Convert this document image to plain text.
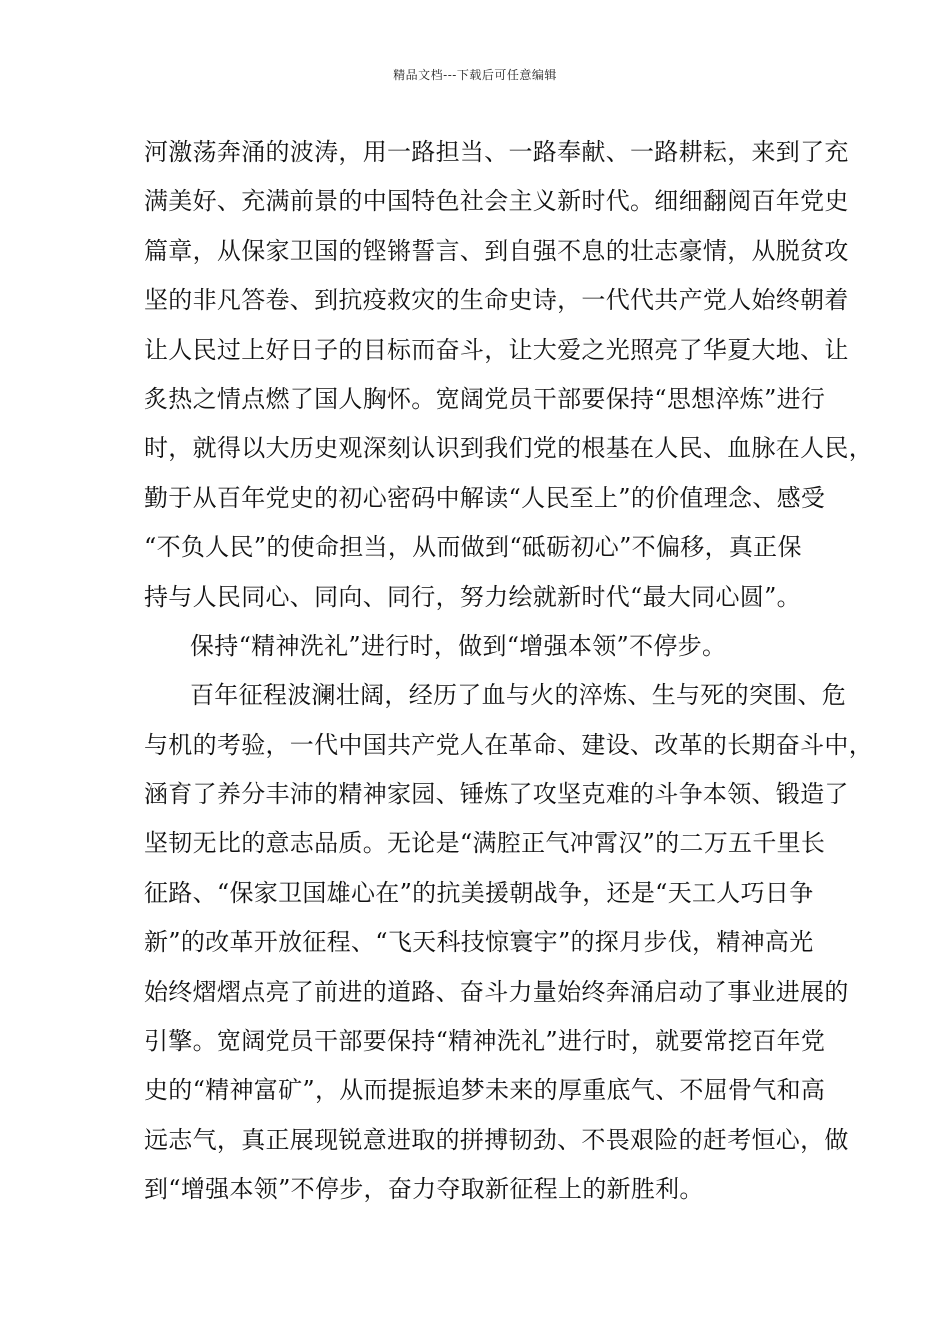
精品文档---下载后可任意编辑
河激荡奔涌的波涛，用一路担当、一路奉献、一路耕耘，来到了充
满美好、充满前景的中国特色社会主义新时代。细细翻阅百年党史
篇章，从保家卫国的铿锵誓言、到自强不息的壮志豪情，从脱贫攻
坚的非凡答卷、到抗疫救灾的生命史诗，一代代共产党人始终朝着
让人民过上好日子的目标而奋斗，让大爱之光照亮了华夏大地、让
炙热之情点燃了国人胸怀。宽阔党员干部要保持“思想淬炼”进行
时，就得以大历史观深刻认识到我们党的根基在人民、血脉在人民，
勤于从百年党史的初心密码中解读“人民至上”的价值理念、感受
“不负人民”的使命担当，从而做到“砥砺初心”不偏移，真正保
持与人民同心、同向、同行，努力绘就新时代“最大同心圆”。
保持“精神洗礼”进行时，做到“增强本领”不停步。
百年征程波澜壮阔，经历了血与火的淬炼、生与死的突围、危
与机的考验，一代中国共产党人在革命、建设、改革的长期奋斗中，
涵育了养分丰沛的精神家园、锤炼了攻坚克难的斗争本领、锻造了
坚韧无比的意志品质。无论是“满腔正气冲霄汉”的二万五千里长
征路、“保家卫国雄心在”的抗美援朝战争，还是“天工人巧日争
新”的改革开放征程、“飞天科技惊寰宇”的探月步伐，精神高光
始终熠熠点亮了前进的道路、奋斗力量始终奔涌启动了事业进展的
引擎。宽阔党员干部要保持“精神洗礼”进行时，就要常挖百年党
史的“精神富矿”，从而提振追梦未来的厚重底气、不屈骨气和高
远志气，真正展现锐意进取的拼搏韧劲、不畏艰险的赶考恒心，做
到“增强本领”不停步，奋力夺取新征程上的新胜利。
